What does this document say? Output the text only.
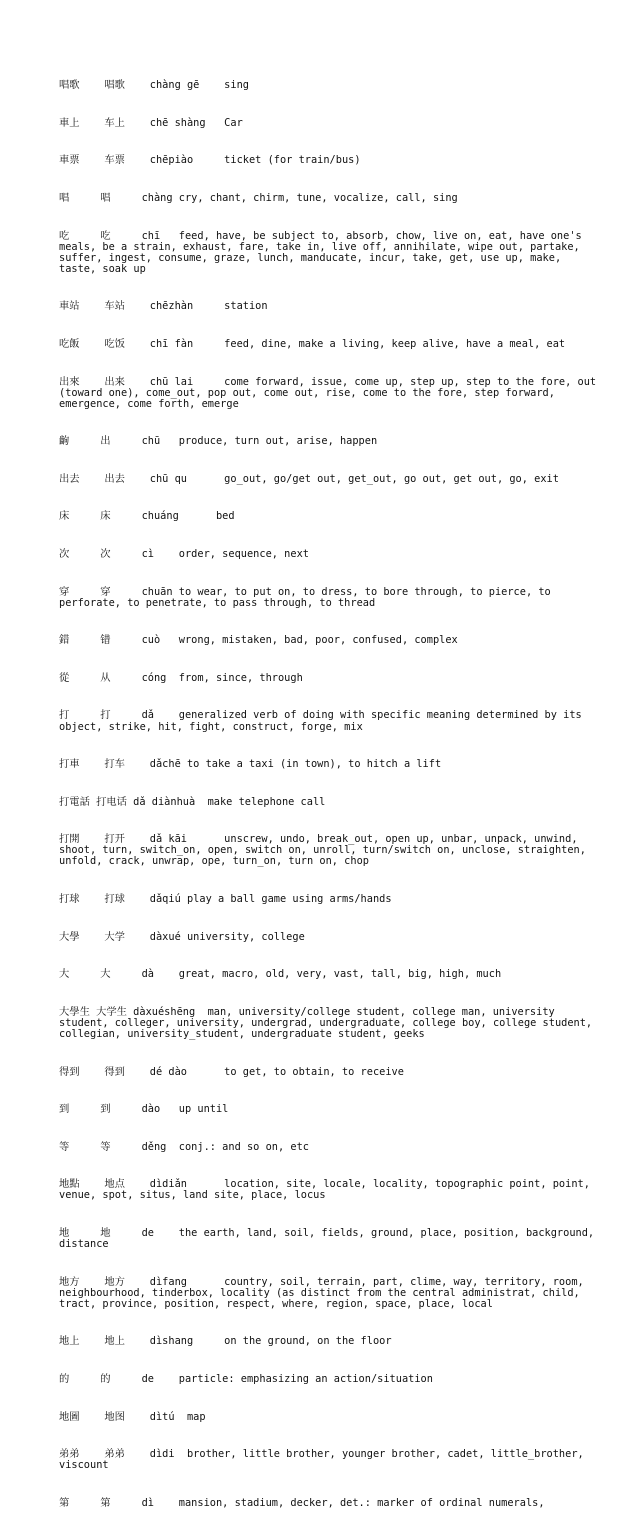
唱歌    唱歌    chàng gē    sing

車上    车上    chē shàng   Car

車票    车票    chēpiào     ticket (for train/bus)

唱     唱     chàng cry, chant, chirm, tune, vocalize, call, sing

吃     吃     chī   feed, have, be subject to, absorb, chow, live on, eat, have one's meals, be a strain, exhaust, fare, take in, live off, annihilate, wipe out, partake, suffer, ingest, consume, graze, lunch, manducate, incur, take, get, use up, make, taste, soak up

車站    车站    chēzhàn     station

吃飯    吃饭    chī fàn     feed, dine, make a living, keep alive, have a meal, eat

出來    出来    chū lai     come forward, issue, come up, step up, step to the fore, out (toward one), come_out, pop out, come out, rise, come to the fore, step forward, emergence, come forth, emerge

齣     出     chū   produce, turn out, arise, happen

出去    出去    chū qu      go_out, go/get out, get_out, go out, get out, go, exit

床     床     chuáng      bed

次     次     cì    order, sequence, next

穿     穿     chuān to wear, to put on, to dress, to bore through, to pierce, to perforate, to penetrate, to pass through, to thread

錯     错     cuò   wrong, mistaken, bad, poor, confused, complex

從     从     cóng  from, since, through

打     打     dǎ    generalized verb of doing with specific meaning determined by its object, strike, hit, fight, construct, forge, mix

打車    打车    dǎchē to take a taxi (in town), to hitch a lift

打電話 打电话 dǎ diànhuà  make telephone call

打開    打开    dǎ kāi      unscrew, undo, break_out, open up, unbar, unpack, unwind, shoot, turn, switch_on, open, switch on, unroll, turn/switch on, unclose, straighten, unfold, crack, unwrap, ope, turn_on, turn on, chop

打球    打球    dǎqiú play a ball game using arms/hands

大學    大学    dàxué university, college

大     大     dà    great, macro, old, very, vast, tall, big, high, much

大學生 大学生 dàxuéshēng  man, university/college student, college man, university student, colleger, university, undergrad, undergraduate, college boy, college student, collegian, university_student, undergraduate student, geeks

得到    得到    dé dào      to get, to obtain, to receive

到     到     dào   up until

等     等     děng  conj.: and so on, etc

地點    地点    dìdiǎn      location, site, locale, locality, topographic point, point, venue, spot, situs, land site, place, locus

地     地     de    the earth, land, soil, fields, ground, place, position, background, distance

地方    地方    dìfang      country, soil, terrain, part, clime, way, territory, room, neighbourhood, tinderbox, locality (as distinct from the central administrat, child, tract, province, position, respect, where, region, space, place, local

地上    地上    dìshang     on the ground, on the floor

的     的     de    particle: emphasizing an action/situation

地圖    地图    dìtú  map

弟弟    弟弟    dìdi  brother, little brother, younger brother, cadet, little_brother, viscount

第     第     dì    mansion, stadium, decker, det.: marker of ordinal numerals,
